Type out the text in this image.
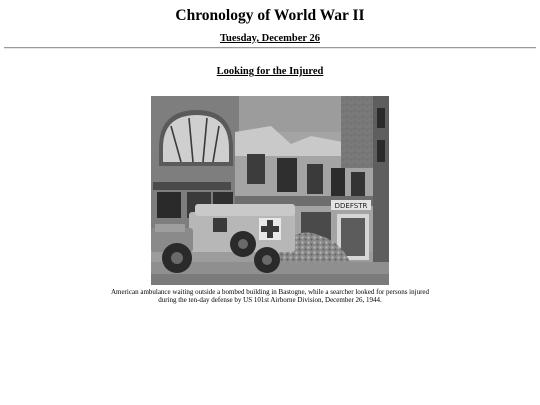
Chronology of World War II
Tuesday, December 26
Looking for the Injured
DDEFSTR

American ambulance waiting outside a bombed building in Bastogne, while a searcher looked for persons injured during the ten-day defense by US 101st Airborne Division, December 26, 1944.
